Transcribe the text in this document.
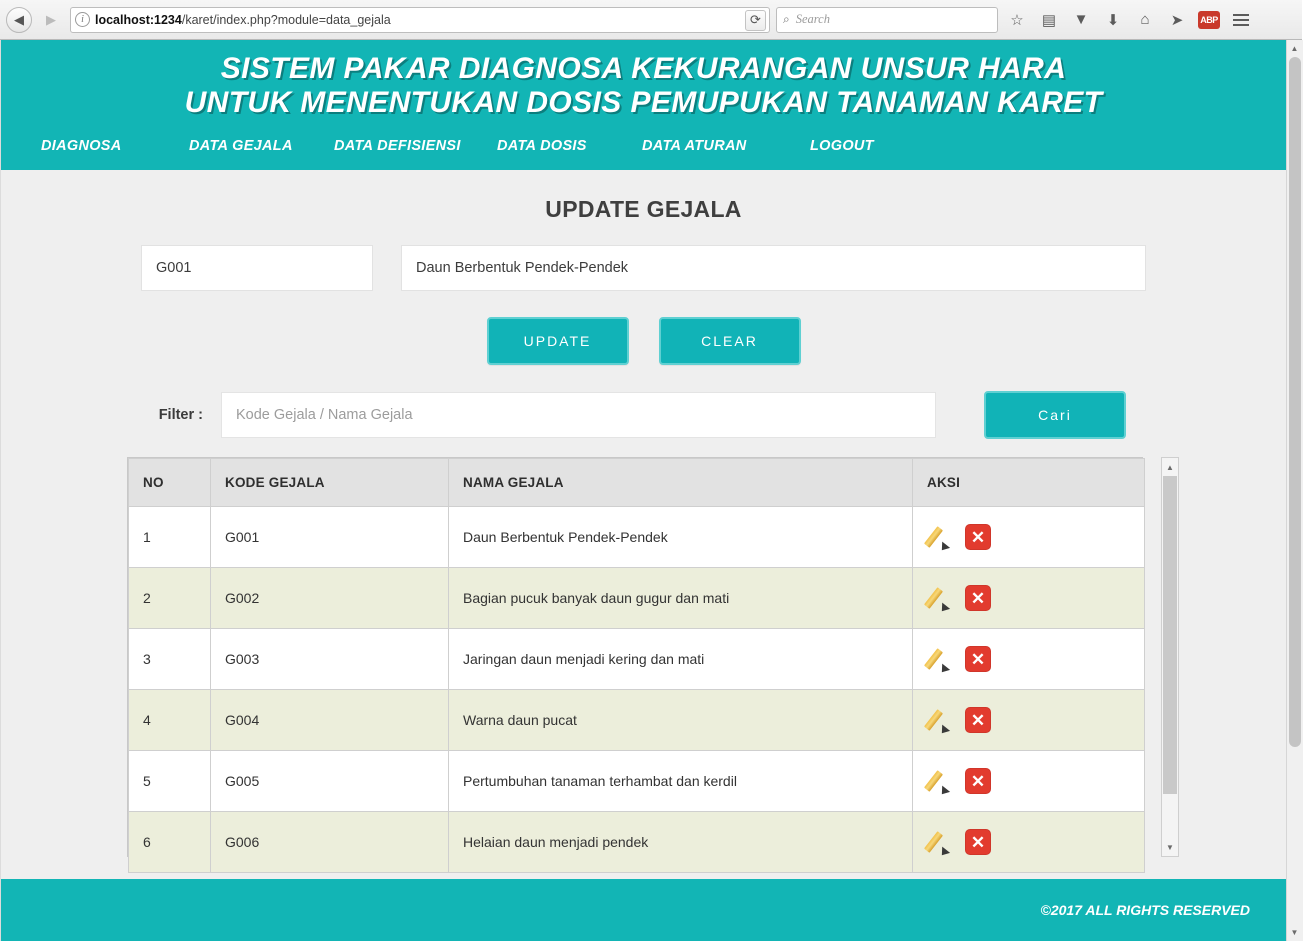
◀ ▶	i localhost:1234/karet/index.php?module=data_gejala	⟳ ⌕ Search	☆ ▤ ▼ ⬇ ⌂ ➤ ABP
SISTEM PAKAR DIAGNOSA KEKURANGAN UNSUR HARA
UNTUK MENENTUKAN DOSIS PEMUPUKAN TANAMAN KARET
DIAGNOSA	DATA GEJALA	DATA DEFISIENSI	DATA DOSIS	DATA ATURAN	LOGOUT
UPDATE GEJALA
G001	Daun Berbentuk Pendek-Pendek
UPDATE	CLEAR
Filter : Kode Gejala / Nama Gejala	Cari
NO	KODE GEJALA	NAMA GEJALA	AKSI
1	G001	Daun Berbentuk Pendek-Pendek	✕

2	G002	Bagian pucuk banyak daun gugur dan mati	✕

3	G003	Jaringan daun menjadi kering dan mati	✕

4	G004	Warna daun pucat	✕

5	G005	Pertumbuhan tanaman terhambat dan kerdil	✕

6	G006	Helaian daun menjadi pendek	✕
▲
▼
©2017 ALL RIGHTS RESERVED
▲
▼
